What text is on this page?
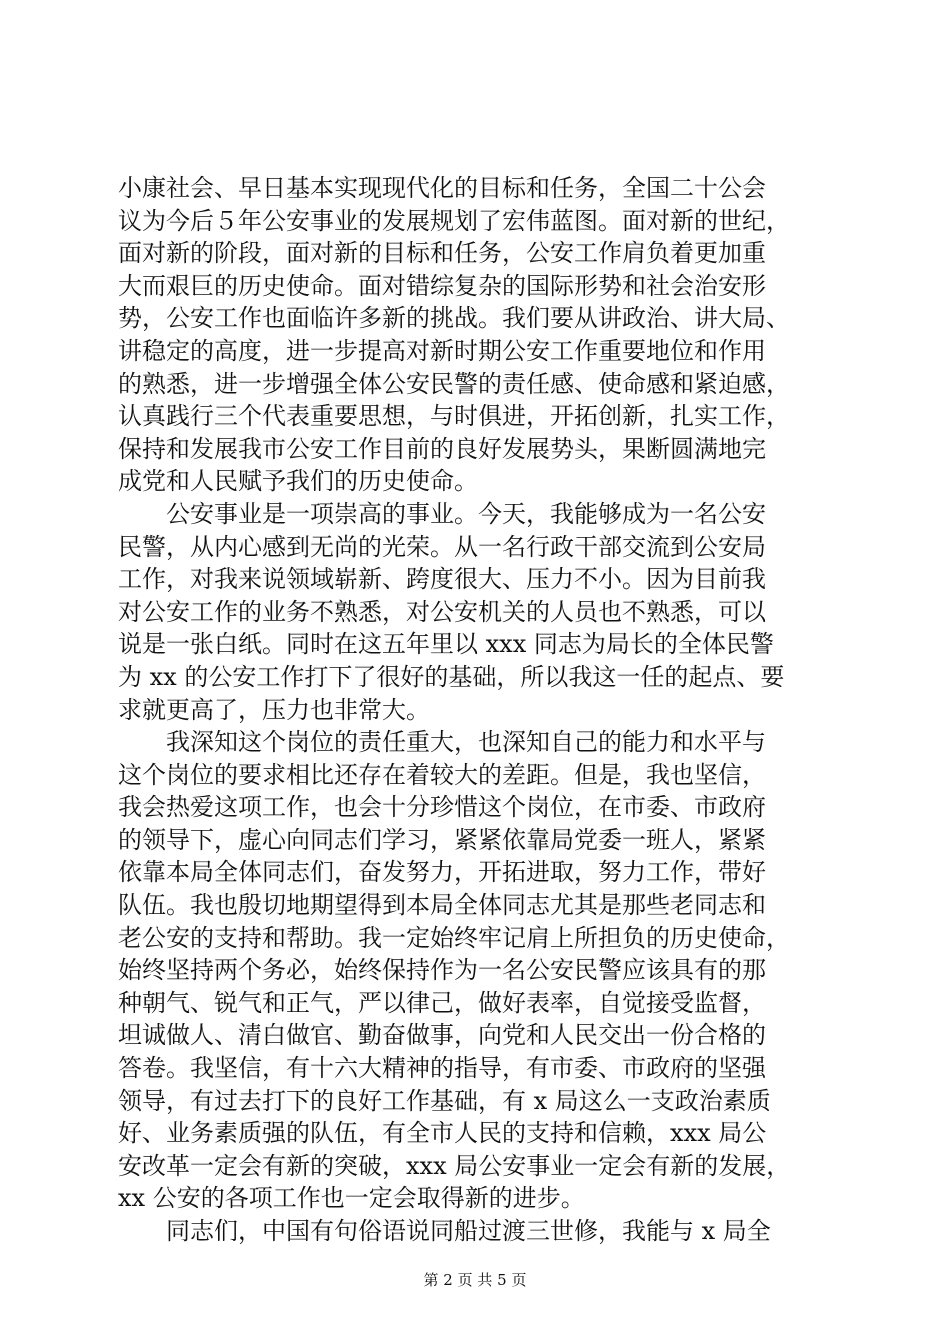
小康社会、早日基本实现现代化的目标和任务，全国二十公会
议为今后５年公安事业的发展规划了宏伟蓝图。面对新的世纪，
面对新的阶段，面对新的目标和任务，公安工作肩负着更加重
大而艰巨的历史使命。面对错综复杂的国际形势和社会治安形
势，公安工作也面临许多新的挑战。我们要从讲政治、讲大局、
讲稳定的高度，进一步提高对新时期公安工作重要地位和作用
的熟悉，进一步增强全体公安民警的责任感、使命感和紧迫感，
认真践行三个代表重要思想，与时俱进，开拓创新，扎实工作，
保持和发展我市公安工作目前的良好发展势头，果断圆满地完
成党和人民赋予我们的历史使命。
　　公安事业是一项崇高的事业。今天，我能够成为一名公安
民警，从内心感到无尚的光荣。从一名行政干部交流到公安局
工作，对我来说领域崭新、跨度很大、压力不小。因为目前我
对公安工作的业务不熟悉，对公安机关的人员也不熟悉，可以
说是一张白纸。同时在这五年里以 xxx 同志为局长的全体民警
为 xx 的公安工作打下了很好的基础，所以我这一任的起点、要
求就更高了，压力也非常大。
　　我深知这个岗位的责任重大，也深知自己的能力和水平与
这个岗位的要求相比还存在着较大的差距。但是，我也坚信，
我会热爱这项工作，也会十分珍惜这个岗位，在市委、市政府
的领导下，虚心向同志们学习，紧紧依靠局党委一班人，紧紧
依靠本局全体同志们，奋发努力，开拓进取，努力工作，带好
队伍。我也殷切地期望得到本局全体同志尤其是那些老同志和
老公安的支持和帮助。我一定始终牢记肩上所担负的历史使命，
始终坚持两个务必，始终保持作为一名公安民警应该具有的那
种朝气、锐气和正气，严以律己，做好表率，自觉接受监督，
坦诚做人、清白做官、勤奋做事，向党和人民交出一份合格的
答卷。我坚信，有十六大精神的指导，有市委、市政府的坚强
领导，有过去打下的良好工作基础，有 x 局这么一支政治素质
好、业务素质强的队伍，有全市人民的支持和信赖，xxx 局公
安改革一定会有新的突破，xxx 局公安事业一定会有新的发展，
xx 公安的各项工作也一定会取得新的进步。
　　同志们，中国有句俗语说同船过渡三世修，我能与 x 局全
第 2 页 共 5 页
